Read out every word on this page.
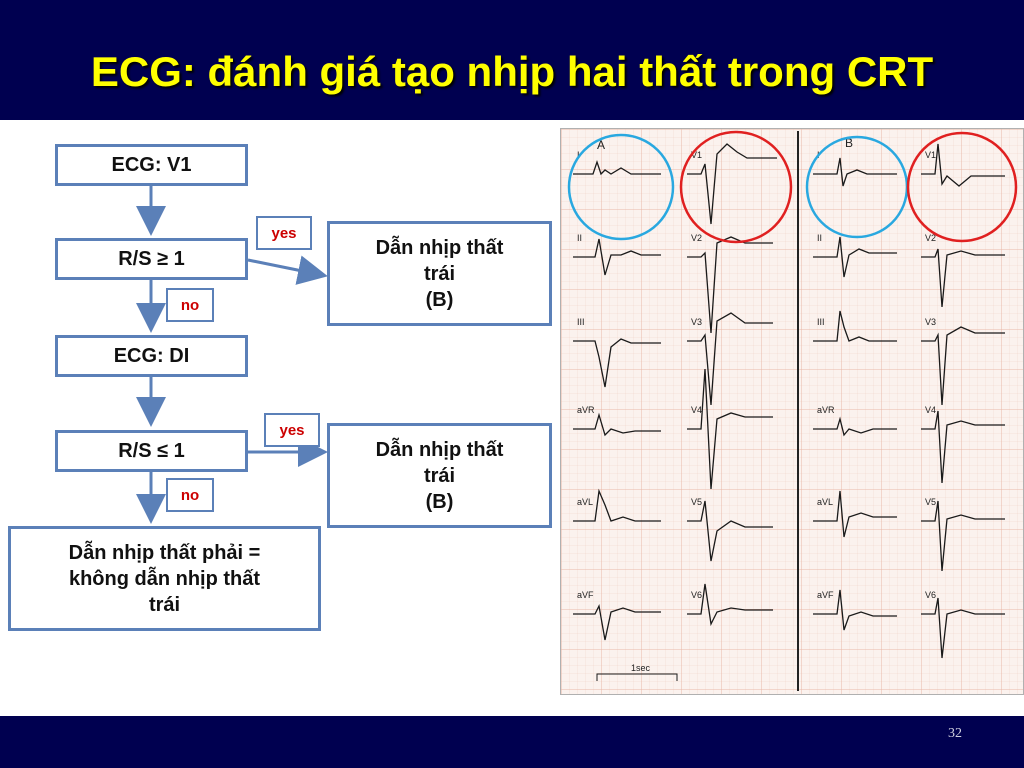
ECG: đánh giá tạo nhịp hai thất trong CRT
ECG: V1
R/S ≥ 1
yes
no
Dẫn nhịp thất
trái
(B)
ECG: DI
R/S ≤ 1
yes
no
Dẫn nhịp thất
trái
(B)
Dẫn nhịp thất phải =
không dẫn nhịp thất
trái
A	B
I
II
III
aVR
aVL
aVF
V1
V2
V3
V4
V5
V6
I
II
III
aVR
aVL
aVF
V1
V2
V3
V4
V5
V6
1sec
32
